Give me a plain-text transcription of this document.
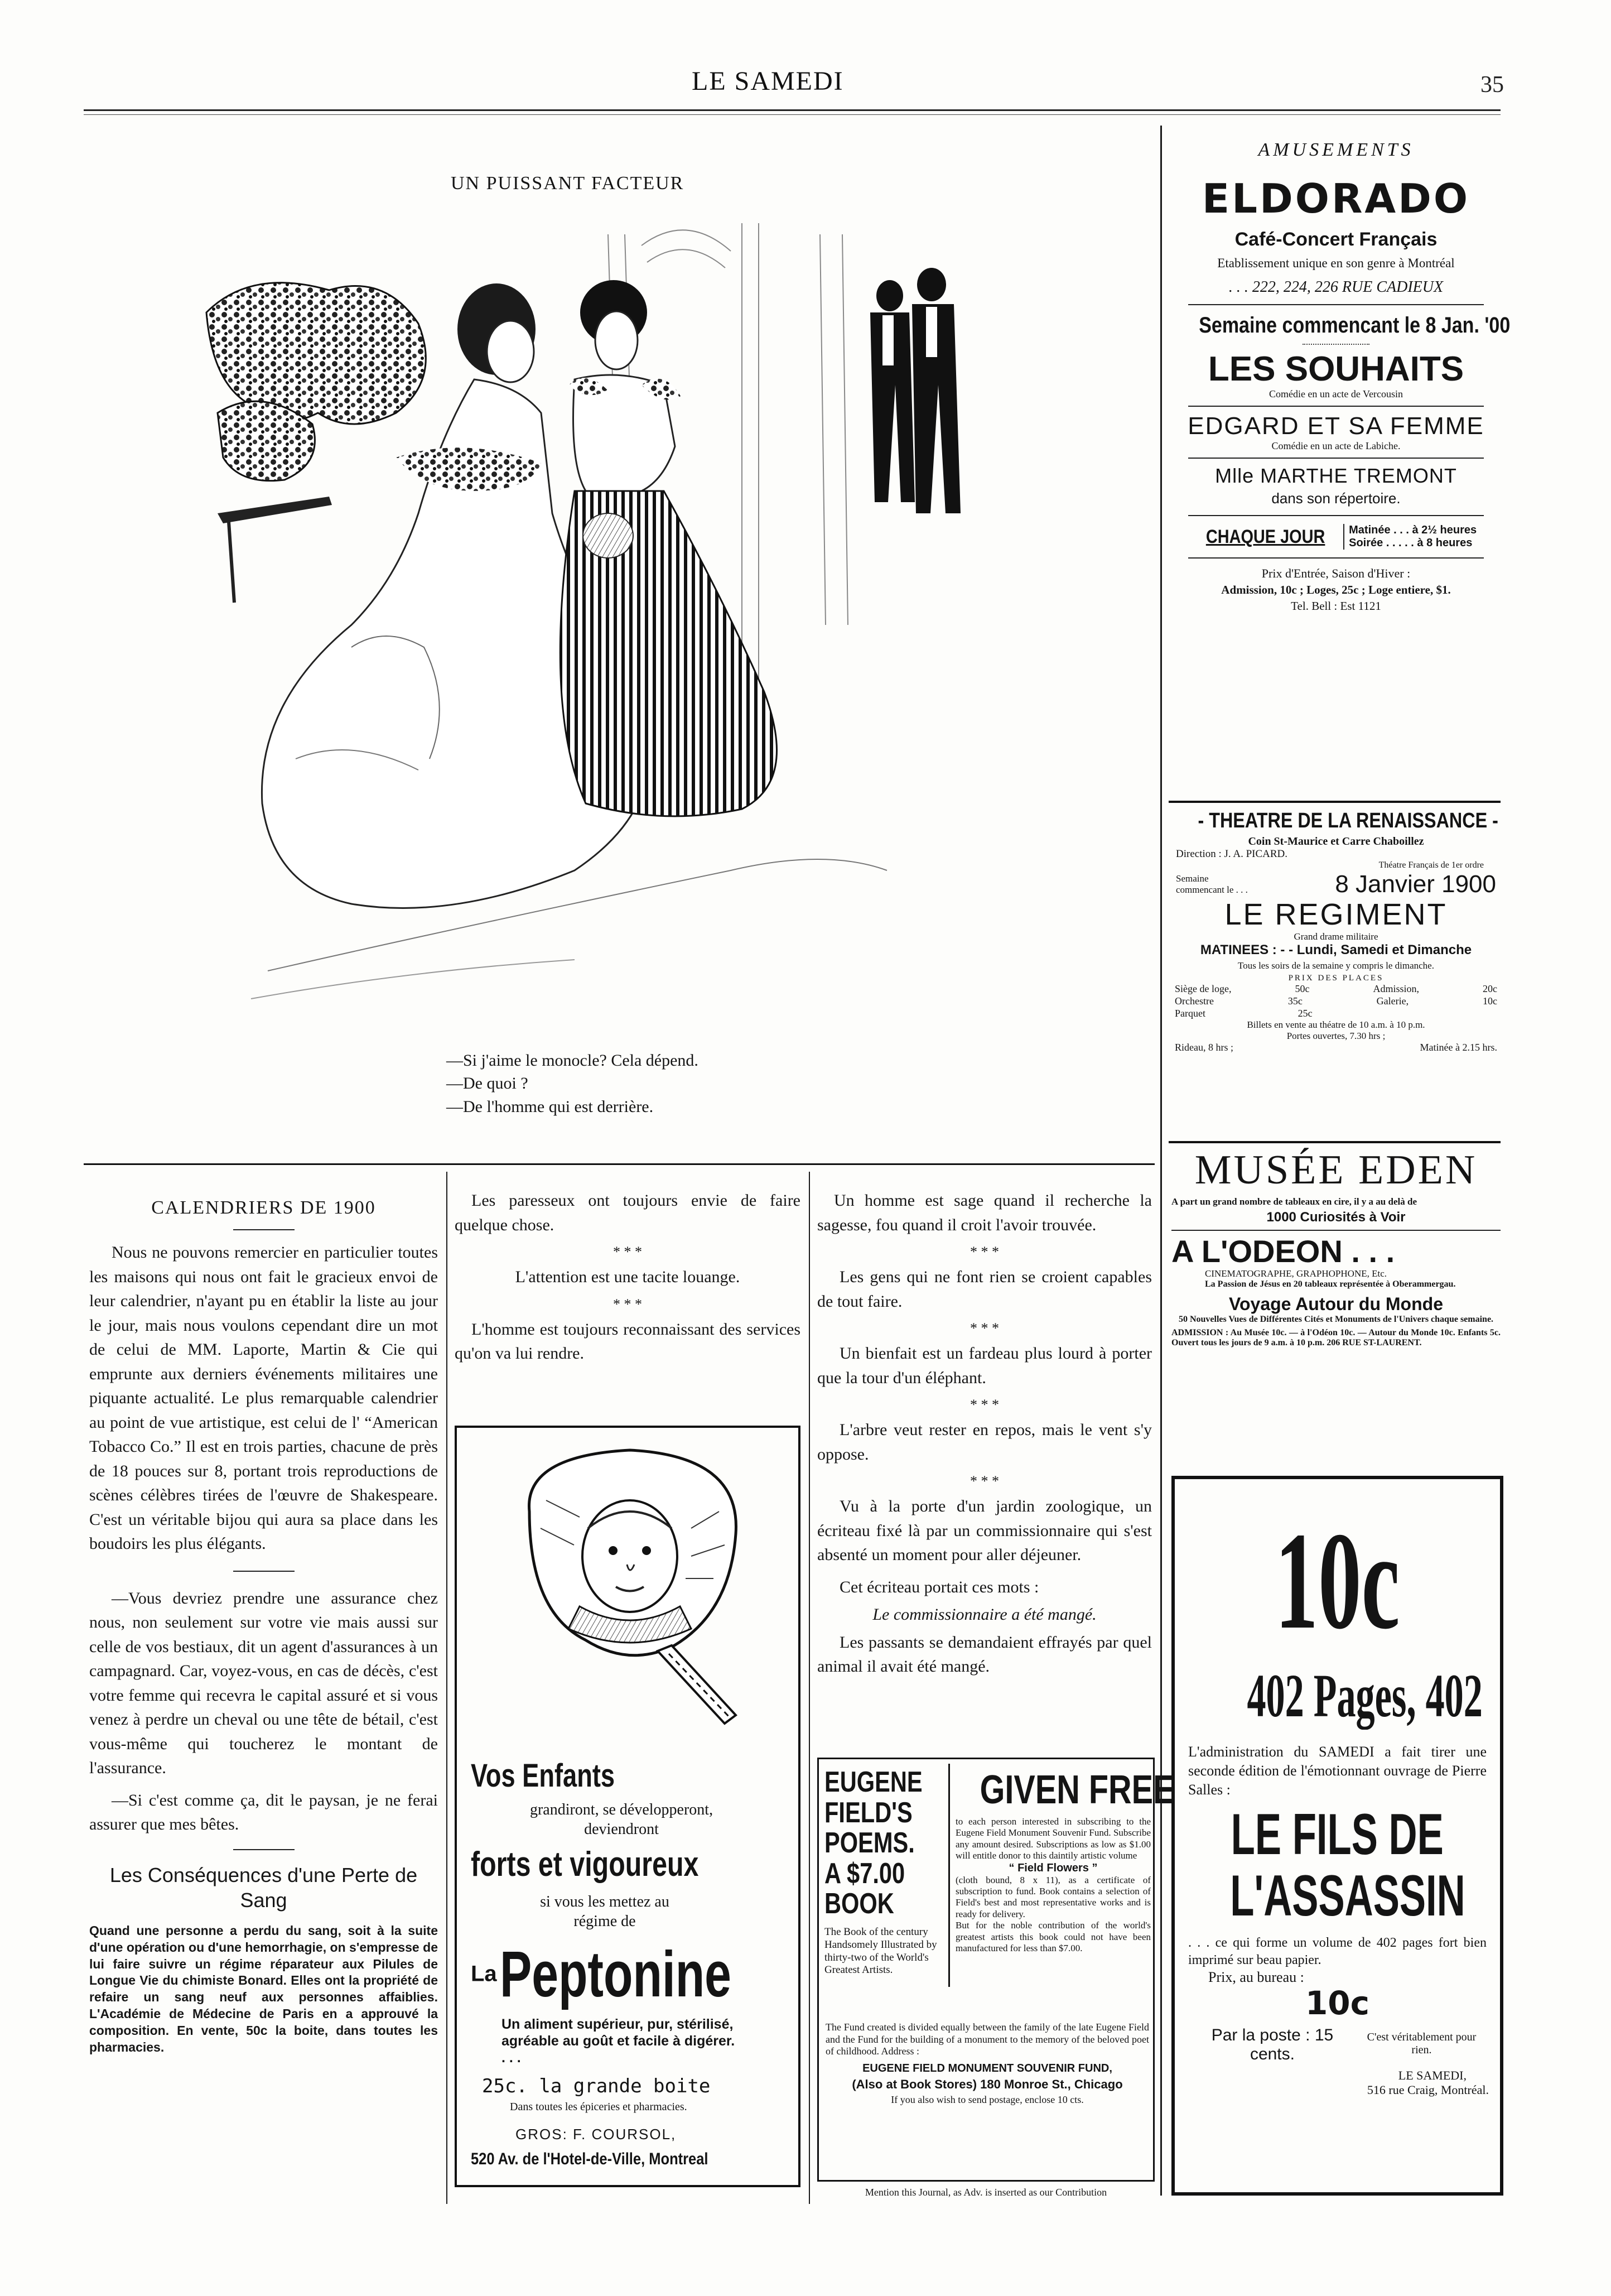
LE SAMEDI	35
UN PUISSANT FACTEUR
—Si j'aime le monocle? Cela dépend.
—De quoi ?
—De l'homme qui est derrière.
CALENDRIERS DE 1900

Nous ne pouvons remercier en particulier toutes les maisons qui nous ont fait le gracieux envoi de leur calendrier, n'ayant pu en établir la liste au jour le jour, mais nous voulons cependant dire un mot de celui de MM. Laporte, Martin & Cie qui emprunte aux derniers événements militaires une piquante actualité. Le plus remarquable calendrier au point de vue artistique, est celui de l' “American Tobacco Co.” Il est en trois parties, chacune de près de 18 pouces sur 8, portant trois reproductions de scènes célèbres tirées de l'œuvre de Shakespeare. C'est un véritable bijou qui aura sa place dans les boudoirs les plus élégants.

—Vous devriez prendre une assurance chez nous, non seulement sur votre vie mais aussi sur celle de vos bestiaux, dit un agent d'assurances à un campagnard. Car, voyez-vous, en cas de décès, c'est votre femme qui recevra le capital assuré et si vous venez à perdre un cheval ou une tête de bétail, c'est vous-même qui toucherez le montant de l'assurance.

—Si c'est comme ça, dit le paysan, je ne ferai assurer que mes bêtes.

Les Conséquences d'une Perte de Sang
Quand une personne a perdu du sang, soit à la suite d'une opération ou d'une hemorrhagie, on s'empresse de lui faire suivre un régime réparateur aux Pilules de Longue Vie du chimiste Bonard. Elles ont la propriété de refaire un sang neuf aux personnes affaiblies. L'Académie de Médecine de Paris en a approuvé la composition. En vente, 50c la boite, dans toutes les pharmacies.

Les paresseux ont toujours envie de faire quelque chose.

* * *

L'attention est une tacite louange.

* * *

L'homme est toujours reconnaissant des services qu'on va lui rendre.

Vos Enfants
grandiront, se développeront, deviendront
forts et vigoureux
si vous les mettez au régime de
La Peptonine
Un aliment supérieur, pur, stérilisé, agréable au goût et facile à digérer. . . .
25c. la grande boite
Dans toutes les épiceries et pharmacies.
GROS: F. COURSOL,
520 Av. de l'Hotel-de-Ville, Montreal

Un homme est sage quand il recherche la sagesse, fou quand il croit l'avoir trouvée.

* * *

Les gens qui ne font rien se croient capables de tout faire.

* * *

Un bienfait est un fardeau plus lourd à porter que la tour d'un éléphant.

* * *

L'arbre veut rester en repos, mais le vent s'y oppose.

* * *

Vu à la porte d'un jardin zoologique, un écriteau fixé là par un commissionnaire qui s'est absenté un moment pour aller déjeuner.

Cet écriteau portait ces mots :

Le commissionnaire a été mangé.

Les passants se demandaient effrayés par quel animal il avait été mangé.

EUGENE FIELD'S POEMS. A $7.00 BOOK
The Book of the century Handsomely Illustrated by thirty-two of the World's Greatest Artists.
GIVEN FREE
to each person interested in subscribing to the Eugene Field Monument Souvenir Fund. Subscribe any amount desired. Subscriptions as low as $1.00 will entitle donor to this daintily artistic volume
“ Field Flowers ”
(cloth bound, 8 x 11), as a certificate of subscription to fund. Book contains a selection of Field's best and most representative works and is ready for delivery.
But for the noble contribution of the world's greatest artists this book could not have been manufactured for less than $7.00.
The Fund created is divided equally between the family of the late Eugene Field and the Fund for the building of a monument to the memory of the beloved poet of childhood. Address :
EUGENE FIELD MONUMENT SOUVENIR FUND,
(Also at Book Stores) 180 Monroe St., Chicago
If you also wish to send postage, enclose 10 cts.
Mention this Journal, as Adv. is inserted as our Contribution
AMUSEMENTS
ELDORADO
Café-Concert Français
Etablissement unique en son genre à Montréal
. . . 222, 224, 226 RUE CADIEUX
Semaine commencant le 8 Jan. '00
LES SOUHAITS
Comédie en un acte de Vercousin
EDGARD ET SA FEMME
Comédie en un acte de Labiche.
Mlle MARTHE TREMONT
dans son répertoire.
CHAQUE JOUR Matinée . . . à 2½ heures
Soirée . . . . . à 8 heures
Prix d'Entrée, Saison d'Hiver :
Admission, 10c ; Loges, 25c ; Loge entiere, $1.
Tel. Bell : Est 1121
- THEATRE DE LA RENAISSANCE -
Coin St-Maurice et Carre Chaboillez
Direction : J. A. PICARD.
Théatre Français de 1er ordre
Semaine commencant le . . .	8 Janvier 1900
LE REGIMENT
Grand drame militaire
MATINEES : - - Lundi, Samedi et Dimanche
Tous les soirs de la semaine y compris le dimanche.
PRIX DES PLACES
Siège de loge,	50c	Admission,	20c
Orchestre	35c	Galerie,	10c
Parquet	25c
Billets en vente au théatre de 10 a.m. à 10 p.m.
Portes ouvertes, 7.30 hrs ;
Rideau, 8 hrs ;	Matinée à 2.15 hrs.
MUSÉE EDEN
A part un grand nombre de tableaux en cire, il y a au delà de
1000 Curiosités à Voir
A L'ODEON . . .
CINEMATOGRAPHE, GRAPHOPHONE, Etc.
La Passion de Jésus en 20 tableaux représentée à Oberammergau.
Voyage Autour du Monde
50 Nouvelles Vues de Différentes Cités et Monuments de l'Univers chaque semaine.
ADMISSION : Au Musée 10c. — à l'Odéon 10c. — Autour du Monde 10c. Enfants 5c. Ouvert tous les jours de 9 a.m. à 10 p.m. 206 RUE ST-LAURENT.
10c 402 Pages, 402
L'administration du SAMEDI a fait tirer une seconde édition de l'émotionnant ouvrage de Pierre Salles :
LE FILS DE L'ASSASSIN
. . . ce qui forme un volume de 402 pages fort bien imprimé sur beau papier.
Prix, au bureau :
10c
Par la poste : 15 cents.
C'est véritablement pour rien.
LE SAMEDI,
516 rue Craig, Montréal.
